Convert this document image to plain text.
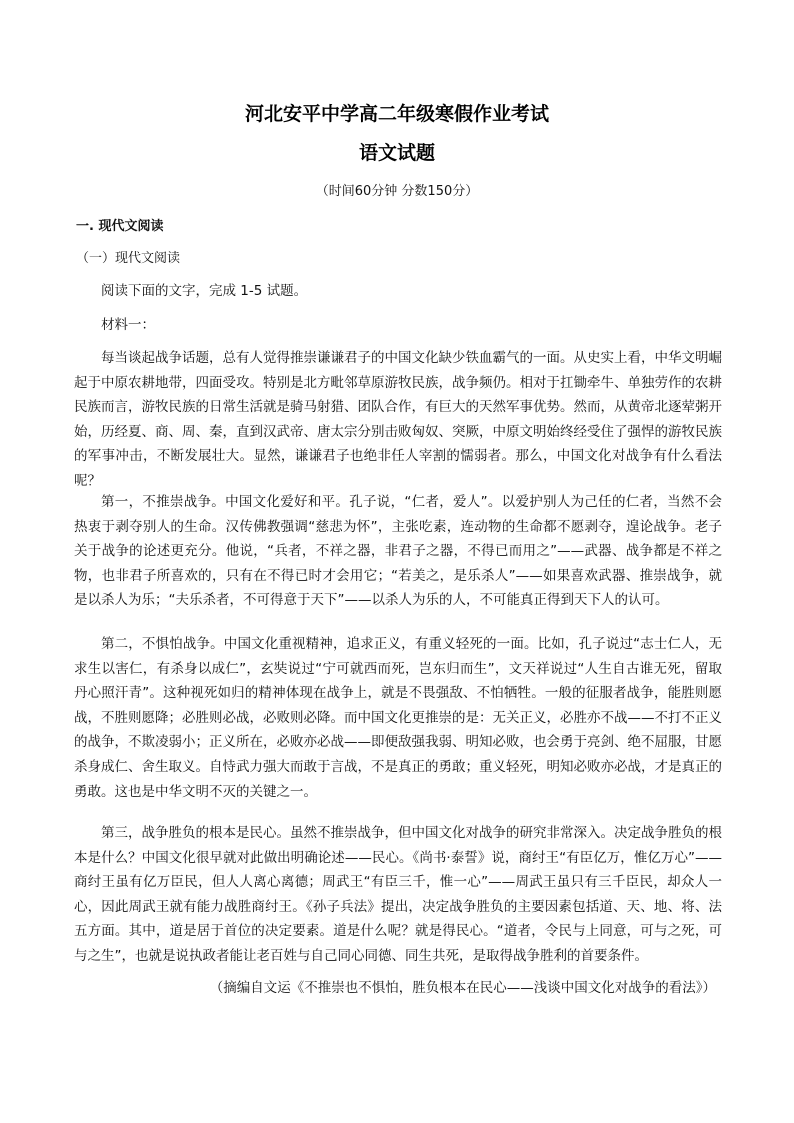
河北安平中学高二年级寒假作业考试
语文试题
（时间60分钟 分数150分）
一. 现代文阅读
（一）现代文阅读
阅读下面的文字，完成 1-5 试题。
材料一：
每当谈起战争话题，总有人觉得推崇谦谦君子的中国文化缺少铁血霸气的一面。从史实上看，中华文明崛起于中原农耕地带，四面受攻。特别是北方毗邻草原游牧民族，战争频仍。相对于扛锄牵牛、单独劳作的农耕民族而言，游牧民族的日常生活就是骑马射猎、团队合作，有巨大的天然军事优势。然而，从黄帝北逐荤粥开始，历经夏、商、周、秦，直到汉武帝、唐太宗分别击败匈奴、突厥，中原文明始终经受住了强悍的游牧民族的军事冲击，不断发展壮大。显然，谦谦君子也绝非任人宰割的懦弱者。那么，中国文化对战争有什么看法呢？
第一，不推崇战争。中国文化爱好和平。孔子说，“仁者，爱人”。以爱护别人为己任的仁者，当然不会热衷于剥夺别人的生命。汉传佛教强调“慈悲为怀”，主张吃素，连动物的生命都不愿剥夺，遑论战争。老子关于战争的论述更充分。他说，“兵者，不祥之器，非君子之器，不得已而用之”——武器、战争都是不祥之物，也非君子所喜欢的，只有在不得已时才会用它；“若美之，是乐杀人”——如果喜欢武器、推崇战争，就是以杀人为乐；“夫乐杀者，不可得意于天下”——以杀人为乐的人，不可能真正得到天下人的认可。
第二，不惧怕战争。中国文化重视精神，追求正义，有重义轻死的一面。比如，孔子说过“志士仁人，无求生以害仁，有杀身以成仁”，玄奘说过“宁可就西而死，岂东归而生”，文天祥说过“人生自古谁无死，留取丹心照汗青”。这种视死如归的精神体现在战争上，就是不畏强敌、不怕牺牲。一般的征服者战争，能胜则愿战，不胜则愿降；必胜则必战，必败则必降。而中国文化更推崇的是：无关正义，必胜亦不战——不打不正义的战争，不欺凌弱小；正义所在，必败亦必战——即便敌强我弱、明知必败，也会勇于亮剑、绝不屈服，甘愿杀身成仁、舍生取义。自恃武力强大而敢于言战，不是真正的勇敢；重义轻死，明知必败亦必战，才是真正的勇敢。这也是中华文明不灭的关键之一。
第三，战争胜负的根本是民心。虽然不推崇战争，但中国文化对战争的研究非常深入。决定战争胜负的根本是什么？中国文化很早就对此做出明确论述——民心。《尚书·泰誓》说，商纣王“有臣亿万，惟亿万心”——商纣王虽有亿万臣民，但人人离心离德；周武王“有臣三千，惟一心”——周武王虽只有三千臣民，却众人一心，因此周武王就有能力战胜商纣王。《孙子兵法》提出，决定战争胜负的主要因素包括道、天、地、将、法五方面。其中，道是居于首位的决定要素。道是什么呢？就是得民心。“道者，令民与上同意，可与之死，可与之生”，也就是说执政者能让老百姓与自己同心同德、同生共死，是取得战争胜利的首要条件。
（摘编自文运《不推崇也不惧怕，胜负根本在民心——浅谈中国文化对战争的看法》）
